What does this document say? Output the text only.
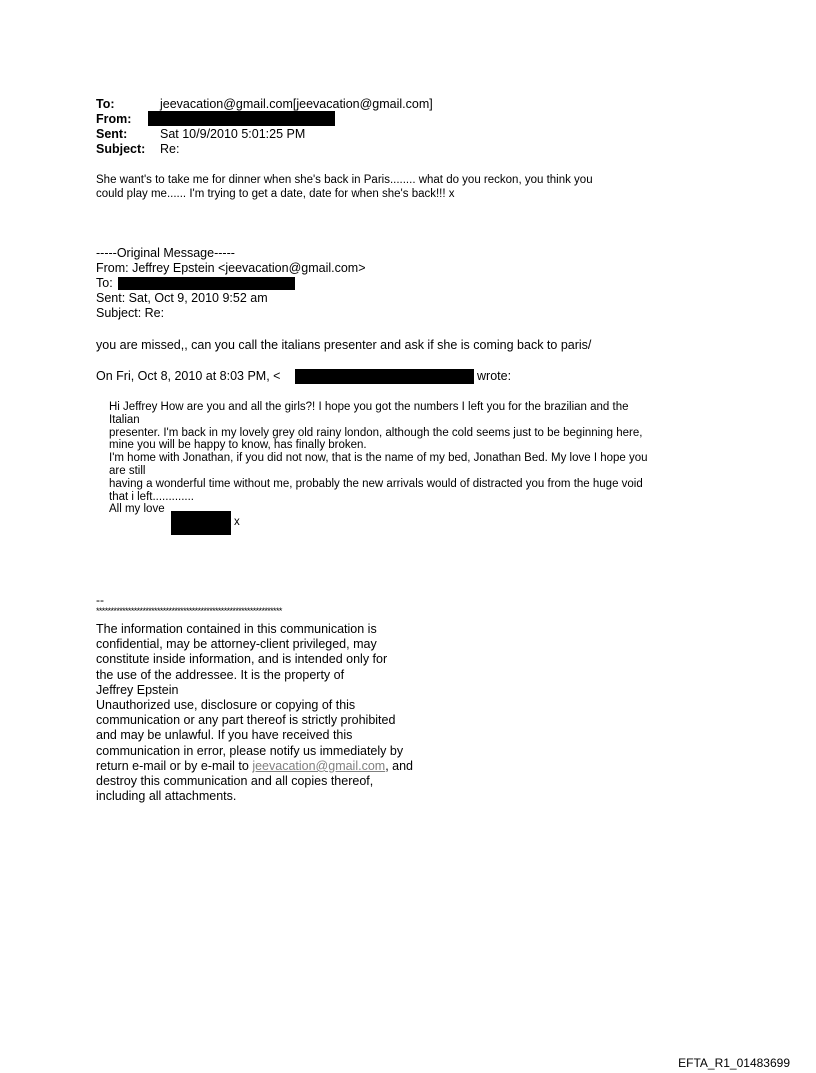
To:	jeevacation@gmail.com[jeevacation@gmail.com]
From:
Sent:	Sat 10/9/2010 5:01:25 PM
Subject: Re:
She want's to take me for dinner when she's back in Paris........ what do you reckon, you think you
could play me...... I'm trying to get a date, date for when she's back!!! x
-----Original Message-----
From: Jeffrey Epstein <jeevacation@gmail.com>
To:
Sent: Sat, Oct 9, 2010 9:52 am
Subject: Re:
you are missed,, can you call the italians presenter and ask if she is coming back to paris/
On Fri, Oct 8, 2010 at 8:03 PM, <	wrote:
Hi Jeffrey How are you and all the girls?! I hope you got the numbers I left you for the brazilian and the
Italian
presenter. I'm back in my lovely grey old rainy london, although the cold seems just to be beginning here,
mine you will be happy to know, has finally broken.
I'm home with Jonathan, if you did not now, that is the name of my bed, Jonathan Bed. My love I hope you
are still
having a wonderful time without me, probably the new arrivals would of distracted you from the huge void
that i left.............
All my love
x
--
****************************************************************
The information contained in this communication is
confidential, may be attorney-client privileged, may
constitute inside information, and is intended only for
the use of the addressee. It is the property of
Jeffrey Epstein
Unauthorized use, disclosure or copying of this
communication or any part thereof is strictly prohibited
and may be unlawful. If you have received this
communication in error, please notify us immediately by
return e-mail or by e-mail to jeevacation@gmail.com, and
destroy this communication and all copies thereof,
including all attachments.
EFTA_R1_01483699
